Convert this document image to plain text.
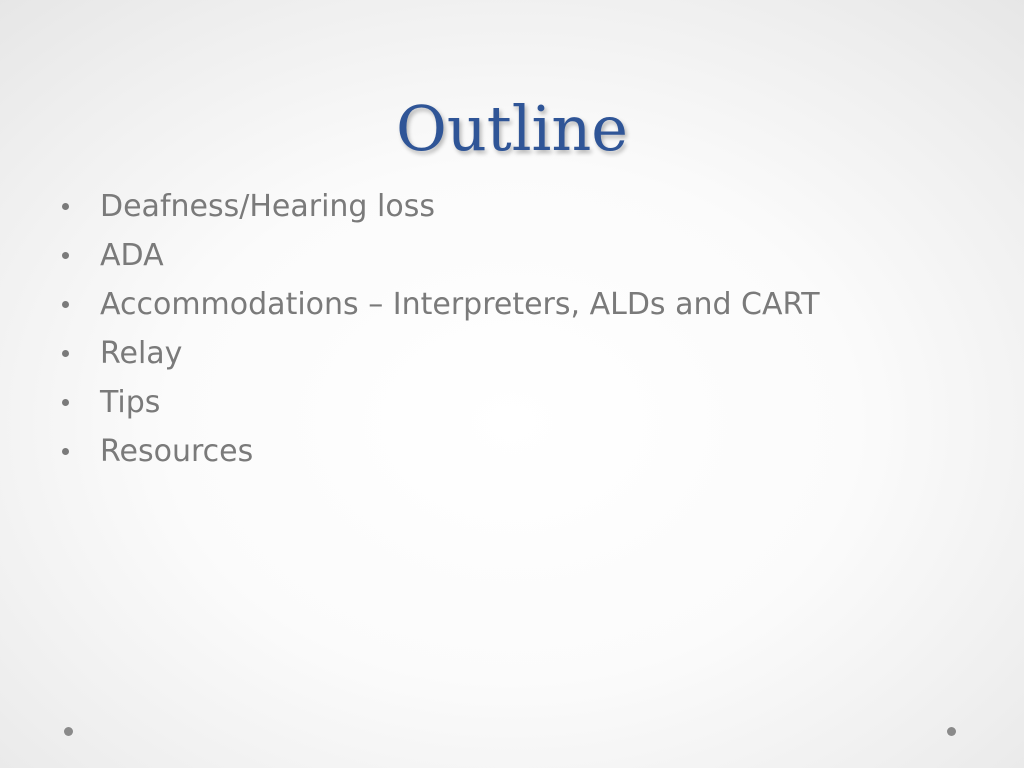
Outline
Deafness/Hearing loss
ADA
Accommodations – Interpreters, ALDs and CART
Relay
Tips
Resources
